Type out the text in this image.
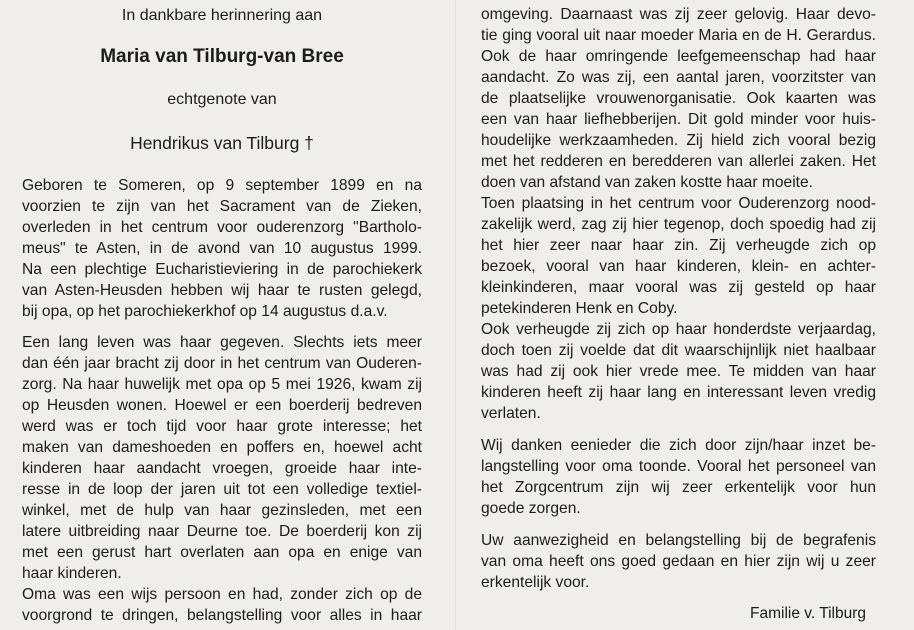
In dankbare herinnering aan
Maria van Tilburg-van Bree
echtgenote van
Hendrikus van Tilburg †
Geboren te Someren, op 9 september 1899 en na
voorzien te zijn van het Sacrament van de Zieken,
overleden in het centrum voor ouderenzorg "Bartholo-
meus" te Asten, in de avond van 10 augustus 1999.
Na een plechtige Eucharistieviering in de parochiekerk
van Asten-Heusden hebben wij haar te rusten gelegd,
bij opa, op het parochiekerkhof op 14 augustus d.a.v.
Een lang leven was haar gegeven. Slechts iets meer
dan één jaar bracht zij door in het centrum van Ouderen-
zorg. Na haar huwelijk met opa op 5 mei 1926, kwam zij
op Heusden wonen. Hoewel er een boerderij bedreven
werd was er toch tijd voor haar grote interesse; het
maken van dameshoeden en poffers en, hoewel acht
kinderen haar aandacht vroegen, groeide haar inte-
resse in de loop der jaren uit tot een volledige textiel-
winkel, met de hulp van haar gezinsleden, met een
latere uitbreiding naar Deurne toe. De boerderij kon zij
met een gerust hart overlaten aan opa en enige van
haar kinderen.
Oma was een wijs persoon en had, zonder zich op de
voorgrond te dringen, belangstelling voor alles in haar
omgeving. Daarnaast was zij zeer gelovig. Haar devo-
tie ging vooral uit naar moeder Maria en de H. Gerardus.
Ook de haar omringende leefgemeenschap had haar
aandacht. Zo was zij, een aantal jaren, voorzitster van
de plaatselijke vrouwenorganisatie. Ook kaarten was
een van haar liefhebberijen. Dit gold minder voor huis-
houdelijke werkzaamheden. Zij hield zich vooral bezig
met het redderen en beredderen van allerlei zaken. Het
doen van afstand van zaken kostte haar moeite.
Toen plaatsing in het centrum voor Ouderenzorg nood-
zakelijk werd, zag zij hier tegenop, doch spoedig had zij
het hier zeer naar haar zin. Zij verheugde zich op
bezoek, vooral van haar kinderen, klein- en achter-
kleinkinderen, maar vooral was zij gesteld op haar
petekinderen Henk en Coby.
Ook verheugde zij zich op haar honderdste verjaardag,
doch toen zij voelde dat dit waarschijnlijk niet haalbaar
was had zij ook hier vrede mee. Te midden van haar
kinderen heeft zij haar lang en interessant leven vredig
verlaten.
Wij danken eenieder die zich door zijn/haar inzet be-
langstelling voor oma toonde. Vooral het personeel van
het Zorgcentrum zijn wij zeer erkentelijk voor hun
goede zorgen.
Uw aanwezigheid en belangstelling bij de begrafenis
van oma heeft ons goed gedaan en hier zijn wij u zeer
erkentelijk voor.
Familie v. Tilburg
